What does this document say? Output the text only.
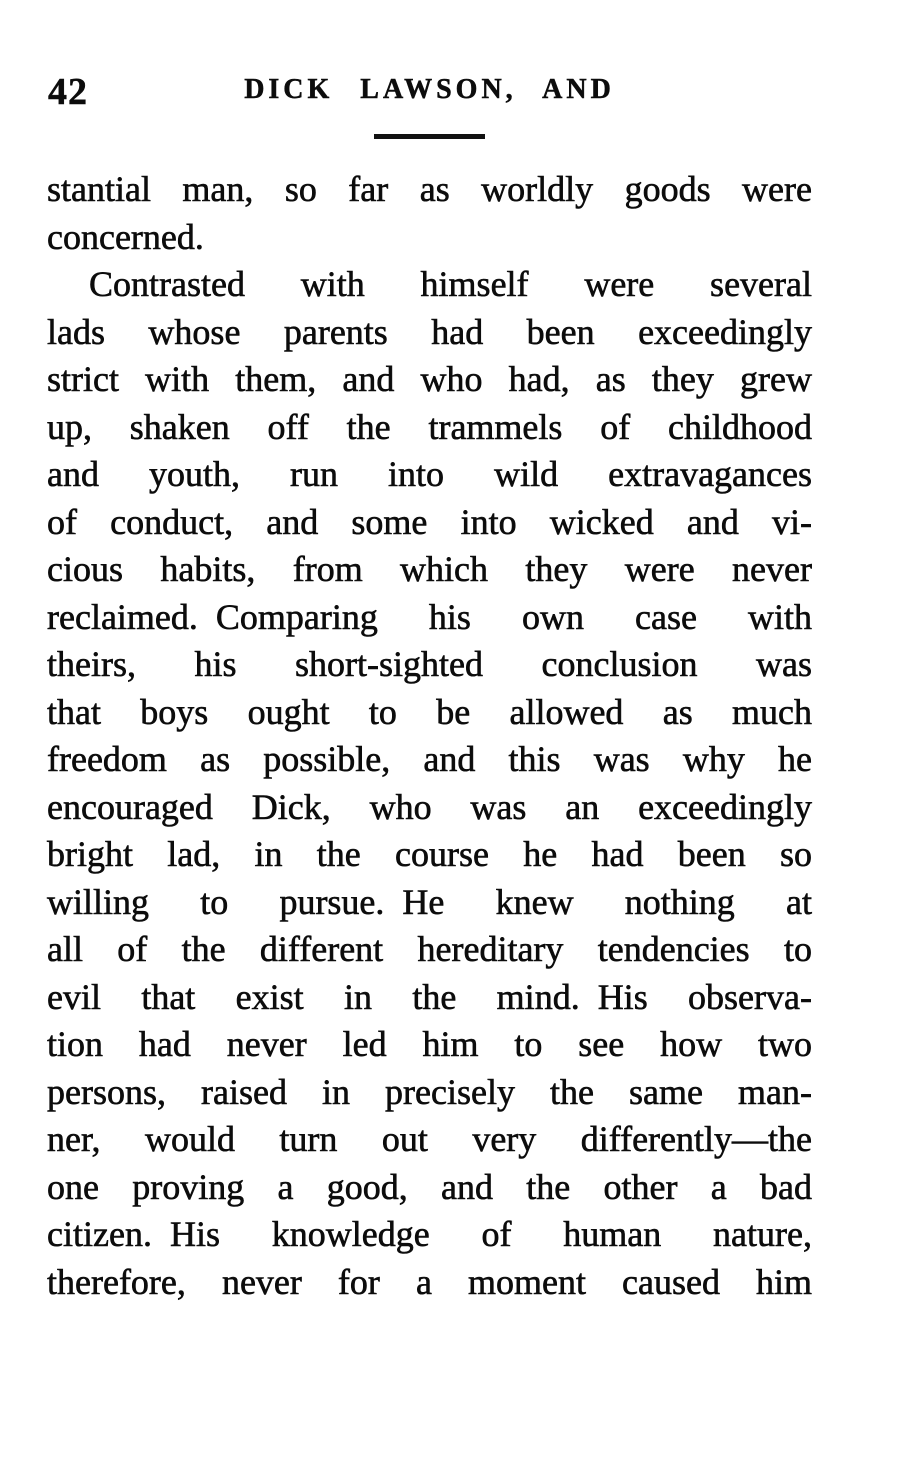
42	DICK LAWSON, AND
stantial man, so far as worldly goods were
concerned.
Contrasted with himself were several
lads whose parents had been exceedingly
strict with them, and who had, as they grew
up, shaken off the trammels of childhood
and youth, run into wild extravagances
of conduct, and some into wicked and vi-
cious habits, from which they were never
reclaimed. Comparing his own case with
theirs, his short-sighted conclusion was
that boys ought to be allowed as much
freedom as possible, and this was why he
encouraged Dick, who was an exceedingly
bright lad, in the course he had been so
willing to pursue. He knew nothing at
all of the different hereditary tendencies to
evil that exist in the mind. His observa-
tion had never led him to see how two
persons, raised in precisely the same man-
ner, would turn out very differently—the
one proving a good, and the other a bad
citizen. His knowledge of human nature,
therefore, never for a moment caused him
